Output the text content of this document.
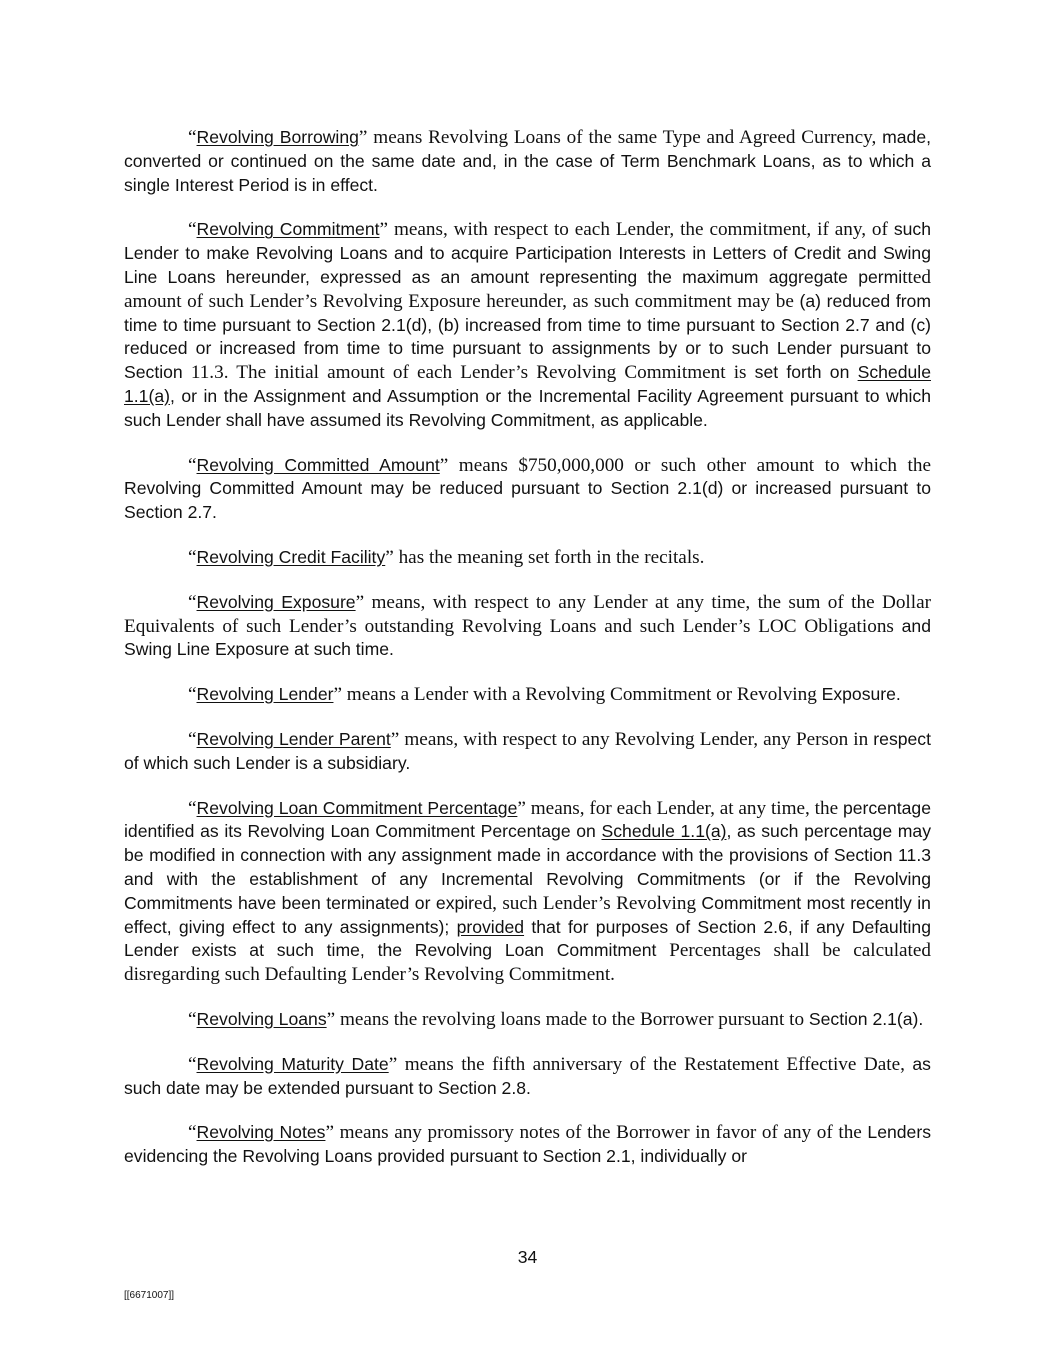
“Revolving Borrowing” means Revolving Loans of the same Type and Agreed Currency, made, converted or continued on the same date and, in the case of Term Benchmark Loans, as to which a single Interest Period is in effect.

“Revolving Commitment” means, with respect to each Lender, the commitment, if any, of such Lender to make Revolving Loans and to acquire Participation Interests in Letters of Credit and Swing Line Loans hereunder, expressed as an amount representing the maximum aggregate permitted amount of such Lender’s Revolving Exposure hereunder, as such commitment may be (a) reduced from time to time pursuant to Section 2.1(d), (b) increased from time to time pursuant to Section 2.7 and (c) reduced or increased from time to time pursuant to assignments by or to such Lender pursuant to Section 11.3. The initial amount of each Lender’s Revolving Commitment is set forth on Schedule 1.1(a), or in the Assignment and Assumption or the Incremental Facility Agreement pursuant to which such Lender shall have assumed its Revolving Commitment, as applicable.

“Revolving Committed Amount” means $750,000,000 or such other amount to which the Revolving Committed Amount may be reduced pursuant to Section 2.1(d) or increased pursuant to Section 2.7.

“Revolving Credit Facility” has the meaning set forth in the recitals.

“Revolving Exposure” means, with respect to any Lender at any time, the sum of the Dollar Equivalents of such Lender’s outstanding Revolving Loans and such Lender’s LOC Obligations and Swing Line Exposure at such time.

“Revolving Lender” means a Lender with a Revolving Commitment or Revolving Exposure.

“Revolving Lender Parent” means, with respect to any Revolving Lender, any Person in respect of which such Lender is a subsidiary.

“Revolving Loan Commitment Percentage” means, for each Lender, at any time, the percentage identified as its Revolving Loan Commitment Percentage on Schedule 1.1(a), as such percentage may be modified in connection with any assignment made in accordance with the provisions of Section 11.3 and with the establishment of any Incremental Revolving Commitments (or if the Revolving Commitments have been terminated or expired, such Lender’s Revolving Commitment most recently in effect, giving effect to any assignments); provided that for purposes of Section 2.6, if any Defaulting Lender exists at such time, the Revolving Loan Commitment Percentages shall be calculated disregarding such Defaulting Lender’s Revolving Commitment.

“Revolving Loans” means the revolving loans made to the Borrower pursuant to Section 2.1(a).

“Revolving Maturity Date” means the fifth anniversary of the Restatement Effective Date, as such date may be extended pursuant to Section 2.8.

“Revolving Notes” means any promissory notes of the Borrower in favor of any of the Lenders evidencing the Revolving Loans provided pursuant to Section 2.1, individually or

34
[[6671007]]
